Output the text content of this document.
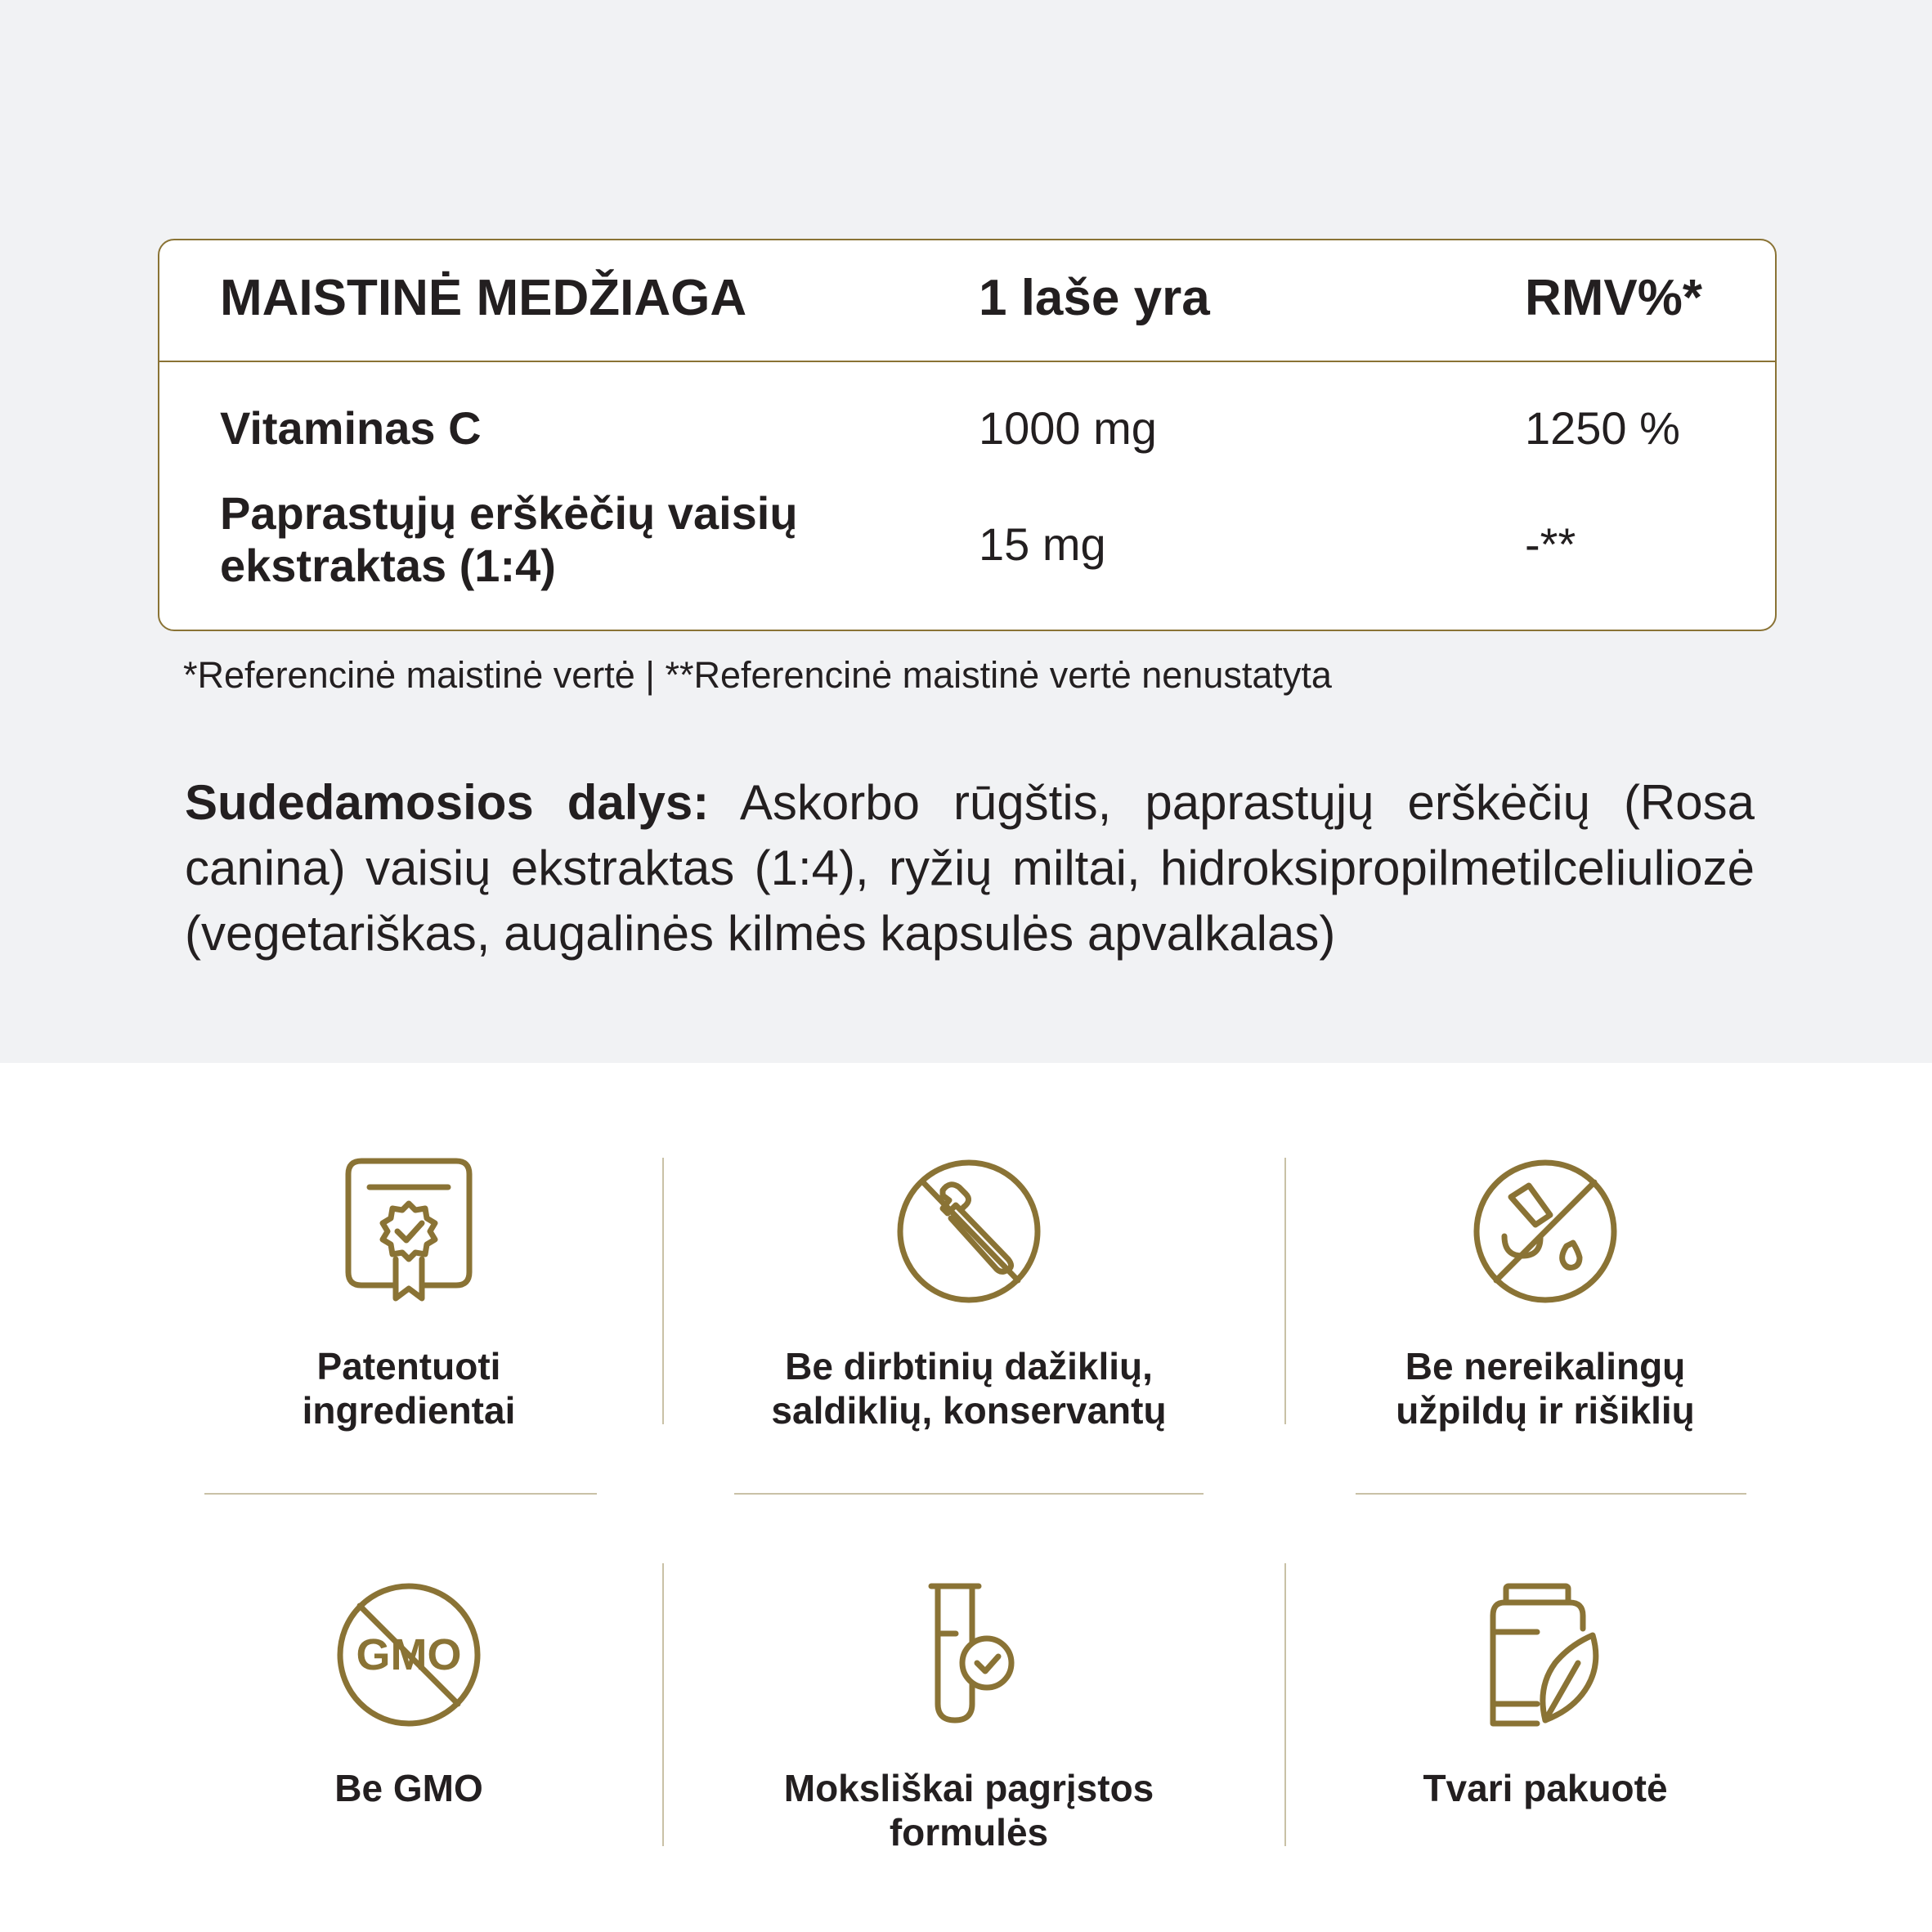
MAISTINĖ MEDŽIAGA	1 laše yra	RMV%*
Vitaminas C	1000 mg	1250 %
Paprastųjų erškėčių vaisių ekstraktas (1:4)	15 mg	-**
*Referencinė maistinė vertė | **Referencinė maistinė vertė nenustatyta
Sudedamosios dalys: Askorbo rūgštis, paprastųjų erškėčių (Rosa canina) vaisių ekstraktas (1:4), ryžių miltai, hidroksipropilmetilceliuliozė (vegetariškas, augalinės kilmės kapsulės apvalkalas)
Patentuoti
ingredientai
Be dirbtinių dažiklių,
saldiklių, konservantų
Be nereikalingų
užpildų ir rišiklių
GMO
Be GMO	Moksliškai pagrįstos
formulės
Tvari pakuotė
